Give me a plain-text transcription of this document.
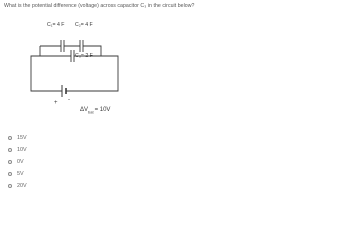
What is the potential difference (voltage) across capacitor C₃ in the circuit below?
C₁= 4 F C₂= 4 F
C₃= 2 F
+ -
$\Delta V_{bat}= 10V$
15V
10V
0V
5V
20V
